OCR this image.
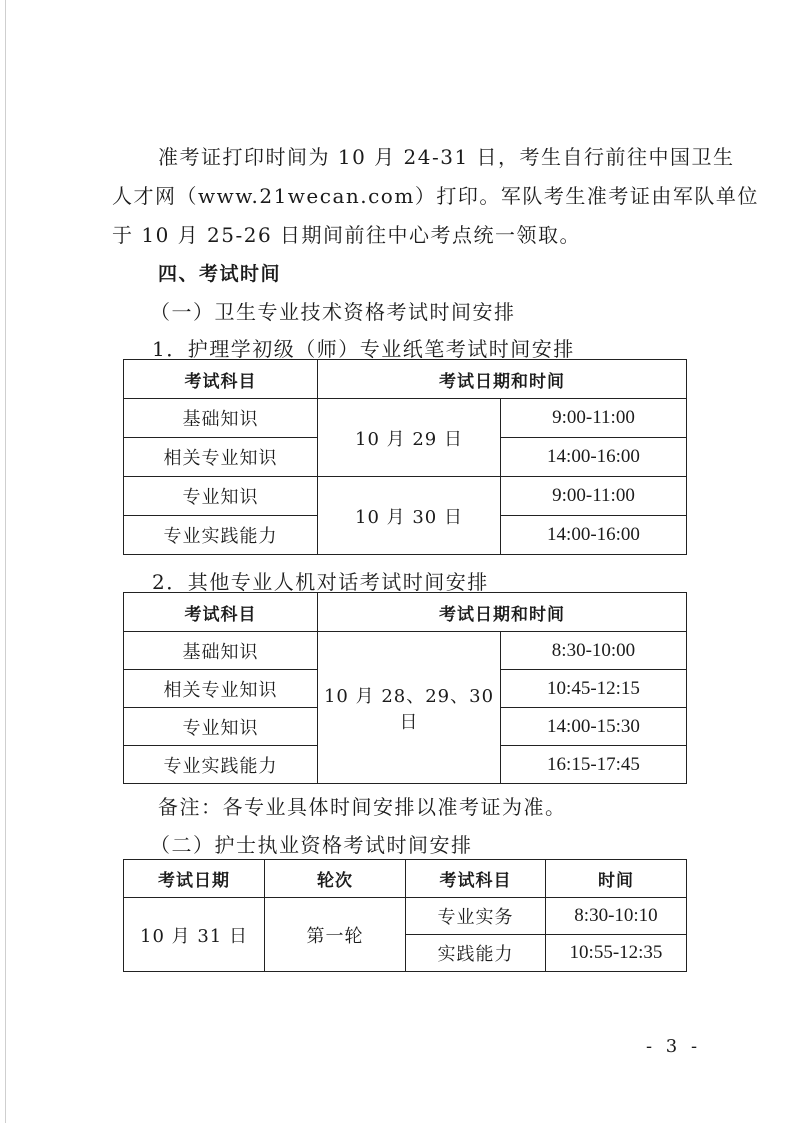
准考证打印时间为 10 月 24-31 日，考生自行前往中国卫生
人才网（www.21wecan.com）打印。军队考生准考证由军队单位
于 10 月 25-26 日期间前往中心考点统一领取。
四、考试时间
（一）卫生专业技术资格考试时间安排
1．护理学初级（师）专业纸笔考试时间安排
考试科目	考试日期和时间	
基础知识	10 月 29 日	9:00-11:00
相关专业知识		14:00-16:00
专业知识	10 月 30 日	9:00-11:00
专业实践能力		14:00-16:00
2．其他专业人机对话考试时间安排
考试科目	考试日期和时间	
基础知识	10 月 28、29、30 日	8:30-10:00
相关专业知识		10:45-12:15
专业知识		14:00-15:30
专业实践能力		16:15-17:45
备注：各专业具体时间安排以准考证为准。
（二）护士执业资格考试时间安排
考试日期	轮次	考试科目	时间
10 月 31 日	第一轮	专业实务	8:30-10:10
		实践能力	10:55-12:35
- 3 -
